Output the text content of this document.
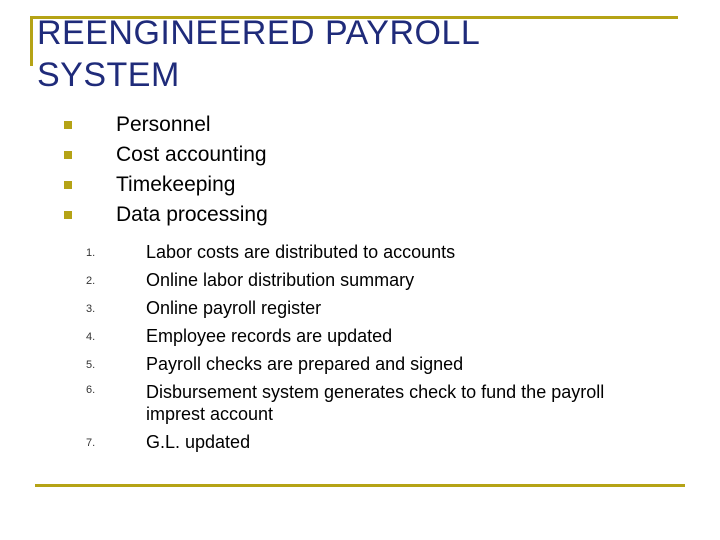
REENGINEERED PAYROLL
SYSTEM
Personnel
Cost accounting
Timekeeping
Data processing
1.	Labor costs are distributed to accounts
2.	Online labor distribution summary
3.	Online payroll register
4.	Employee records are updated
5.	Payroll checks are prepared and signed
6.	Disbursement system generates check to fund the payroll imprest account
7.	G.L. updated
